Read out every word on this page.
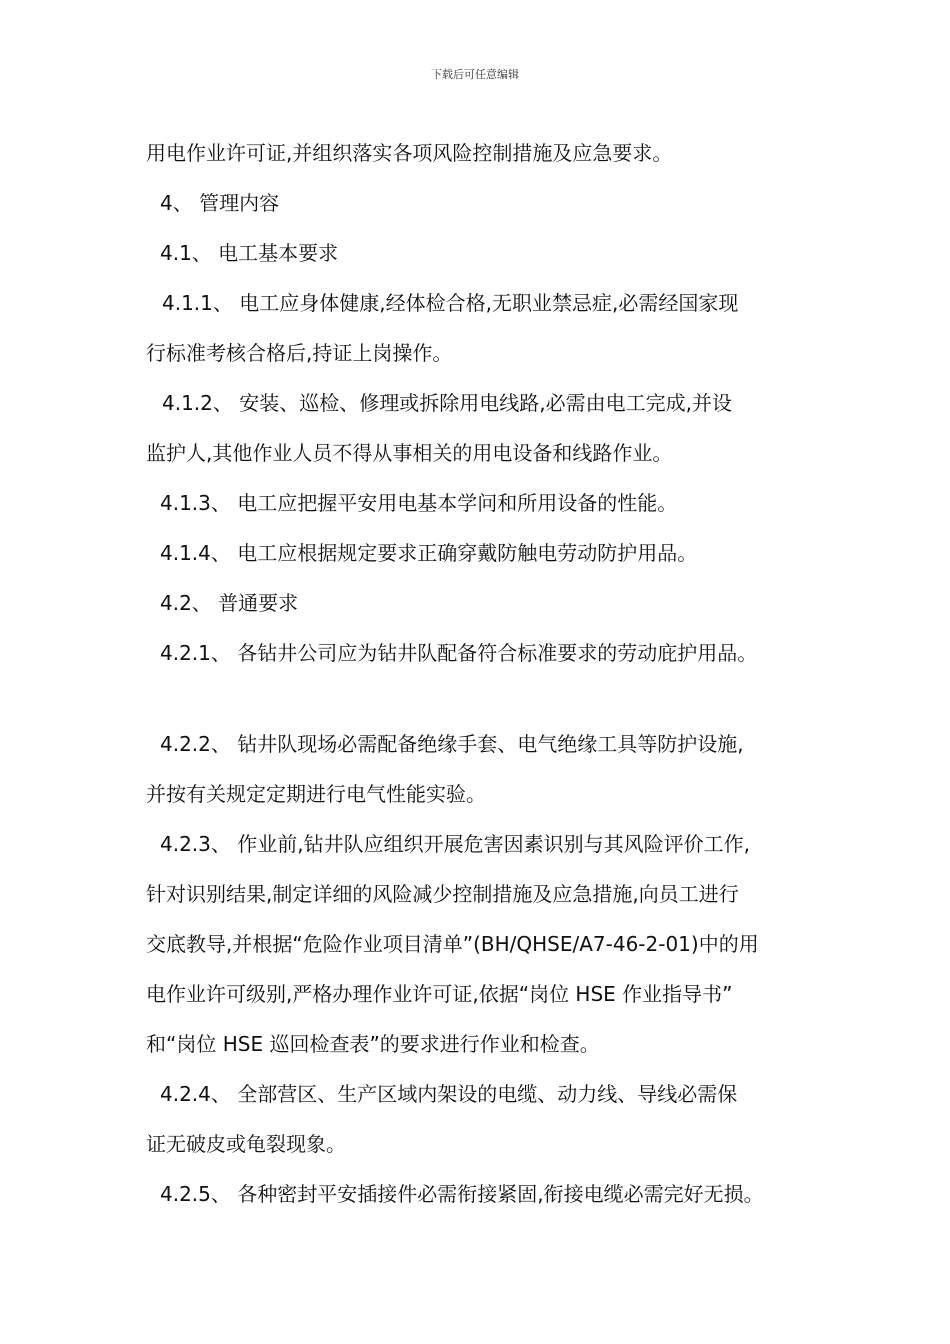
下载后可任意编辑

用电作业许可证,并组织落实各项风险控制措施及应急要求。

4、 管理内容

4.1、 电工基本要求

4.1.1、 电工应身体健康,经体检合格,无职业禁忌症,必需经国家现

行标准考核合格后,持证上岗操作。

4.1.2、 安装、巡检、修理或拆除用电线路,必需由电工完成,并设

监护人,其他作业人员不得从事相关的用电设备和线路作业。

4.1.3、 电工应把握平安用电基本学问和所用设备的性能。

4.1.4、 电工应根据规定要求正确穿戴防触电劳动防护用品。

4.2、 普通要求

4.2.1、 各钻井公司应为钻井队配备符合标准要求的劳动庇护用品。

4.2.2、 钻井队现场必需配备绝缘手套、电气绝缘工具等防护设施,

并按有关规定定期进行电气性能实验。

4.2.3、 作业前,钻井队应组织开展危害因素识别与其风险评价工作,

针对识别结果,制定详细的风险减少控制措施及应急措施,向员工进行

交底教导,并根据“危险作业项目清单”(BH/QHSE/A7-46-2-01)中的用

电作业许可级别,严格办理作业许可证,依据“岗位 HSE 作业指导书”

和“岗位 HSE 巡回检查表”的要求进行作业和检查。

4.2.4、 全部营区、生产区域内架设的电缆、动力线、导线必需保

证无破皮或龟裂现象。

4.2.5、 各种密封平安插接件必需衔接紧固,衔接电缆必需完好无损。
